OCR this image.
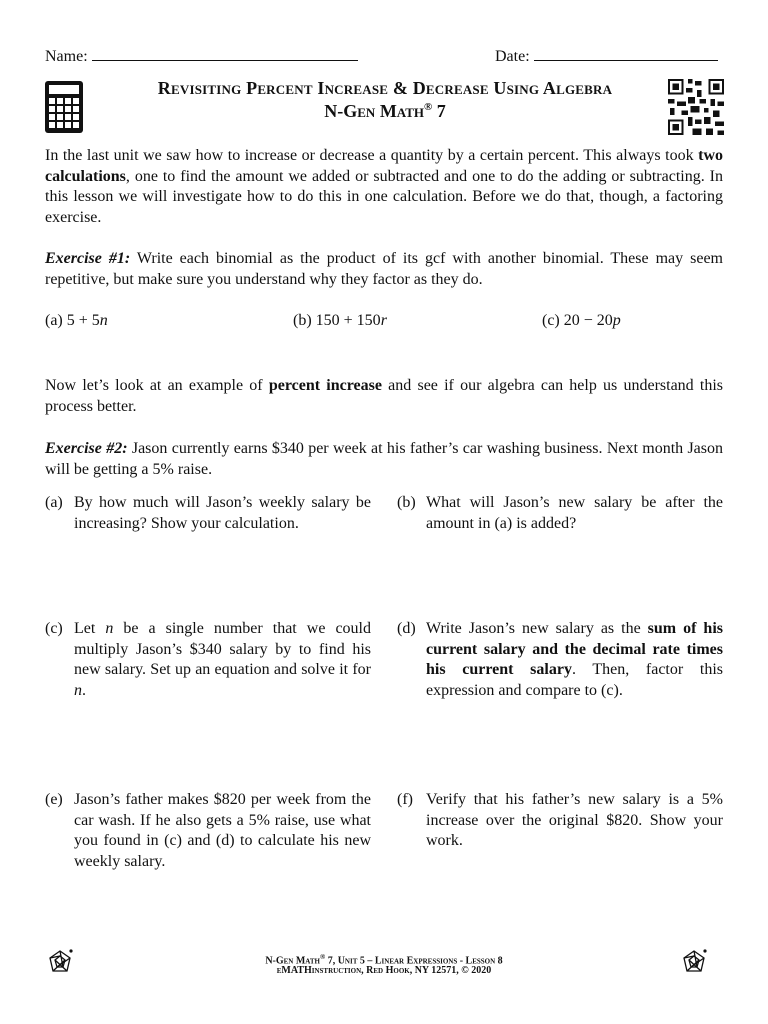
Name:	Date:
Revisiting Percent Increase & Decrease Using Algebra
N-Gen Math® 7
In the last unit we saw how to increase or decrease a quantity by a certain percent. This always took two calculations, one to find the amount we added or subtracted and one to do the adding or subtracting. In this lesson we will investigate how to do this in one calculation. Before we do that, though, a factoring exercise.
Exercise #1: Write each binomial as the product of its gcf with another binomial. These may seem repetitive, but make sure you understand why they factor as they do.
(a) 5 + 5n	(b) 150 + 150r	(c) 20 − 20p
Now let’s look at an example of percent increase and see if our algebra can help us understand this process better.
Exercise #2: Jason currently earns $340 per week at his father’s car washing business. Next month Jason will be getting a 5% raise.
(a) By how much will Jason’s weekly salary be increasing? Show your calculation.
(b) What will Jason’s new salary be after the amount in (a) is added?
(c) Let n be a single number that we could multiply Jason’s $340 salary by to find his new salary. Set up an equation and solve it for n.
(d) Write Jason’s new salary as the sum of his current salary and the decimal rate times his current salary. Then, factor this expression and compare to (c).
(e) Jason’s father makes $820 per week from the car wash. If he also gets a 5% raise, use what you found in (c) and (d) to calculate his new weekly salary.
(f) Verify that his father’s new salary is a 5% increase over the original $820. Show your work.
N-Gen Math® 7, Unit 5 – Linear Expressions - Lesson 8
eMATHinstruction, Red Hook, NY 12571, © 2020
